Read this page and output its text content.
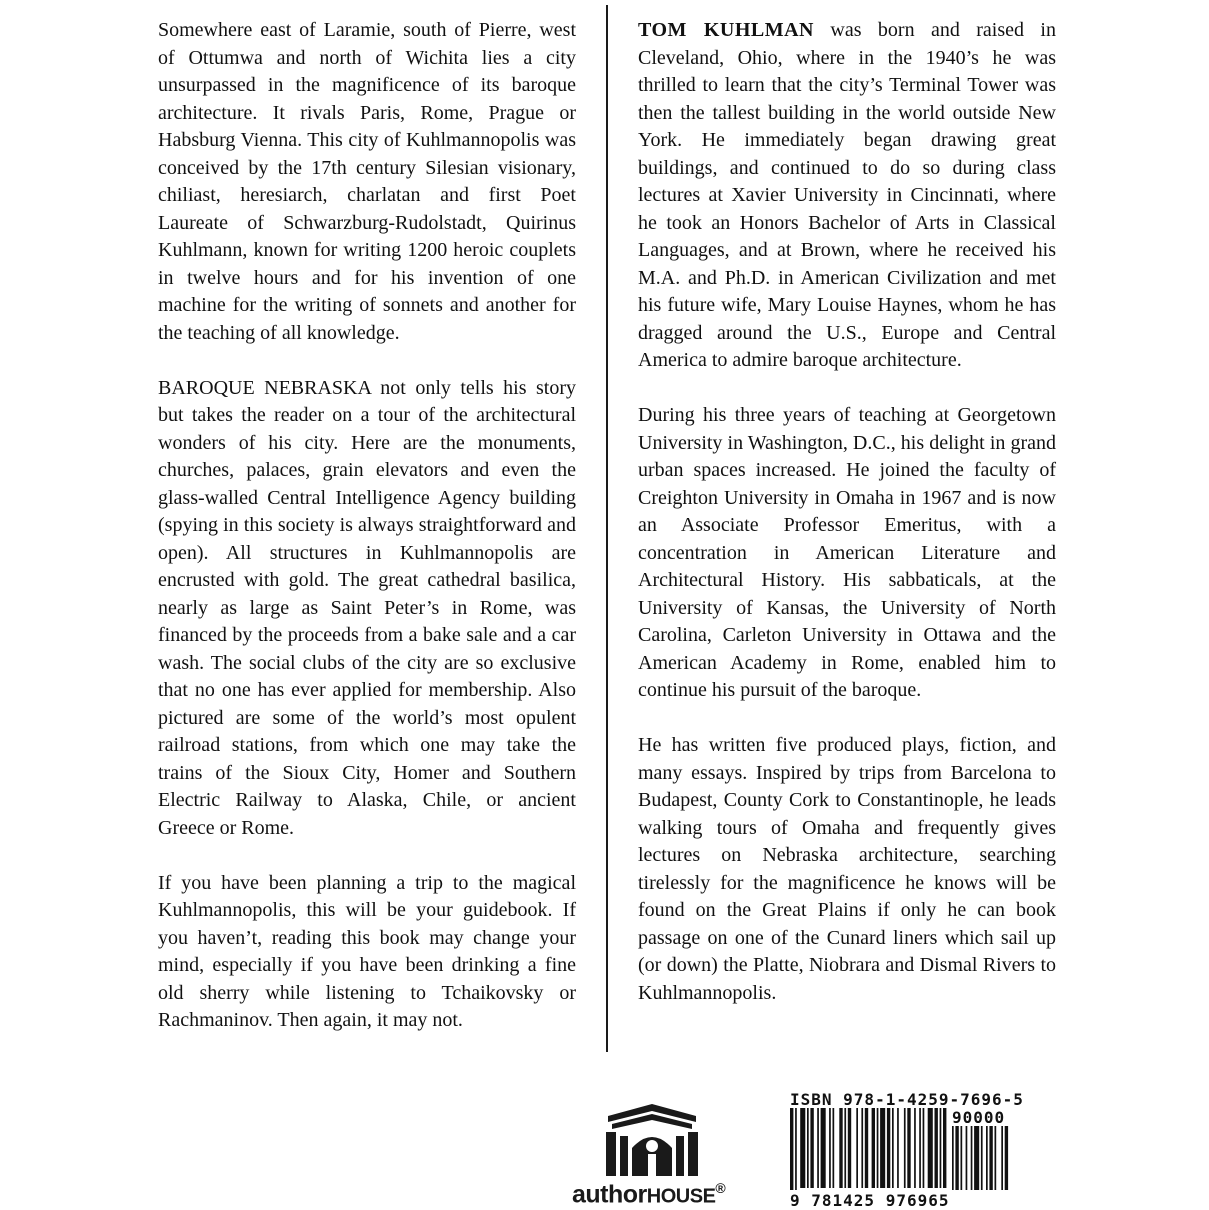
Somewhere east of Laramie, south of Pierre, west of Ottumwa and north of Wichita lies a city unsurpassed in the magnificence of its baroque architecture. It rivals Paris, Rome, Prague or Habsburg Vienna. This city of Kuhlmannopolis was conceived by the 17th century Silesian visionary, chiliast, heresiarch, charlatan and first Poet Laureate of Schwarzburg-Rudolstadt, Quirinus Kuhlmann, known for writing 1200 heroic couplets in twelve hours and for his invention of one machine for the writing of sonnets and another for the teaching of all knowledge.

BAROQUE NEBRASKA not only tells his story but takes the reader on a tour of the architectural wonders of his city. Here are the monuments, churches, palaces, grain elevators and even the glass-walled Central Intelligence Agency building (spying in this society is always straightforward and open). All structures in Kuhlmannopolis are encrusted with gold. The great cathedral basilica, nearly as large as Saint Peter’s in Rome, was financed by the proceeds from a bake sale and a car wash. The social clubs of the city are so exclusive that no one has ever applied for membership. Also pictured are some of the world’s most opulent railroad stations, from which one may take the trains of the Sioux City, Homer and Southern Electric Railway to Alaska, Chile, or ancient Greece or Rome.

If you have been planning a trip to the magical Kuhlmannopolis, this will be your guidebook. If you haven’t, reading this book may change your mind, especially if you have been drinking a fine old sherry while listening to Tchaikovsky or Rachmaninov. Then again, it may not.

TOM KUHLMAN was born and raised in Cleveland, Ohio, where in the 1940’s he was thrilled to learn that the city’s Terminal Tower was then the tallest building in the world outside New York. He immediately began drawing great buildings, and continued to do so during class lectures at Xavier University in Cincinnati, where he took an Honors Bachelor of Arts in Classical Languages, and at Brown, where he received his M.A. and Ph.D. in American Civilization and met his future wife, Mary Louise Haynes, whom he has dragged around the U.S., Europe and Central America to admire baroque architecture.

During his three years of teaching at Georgetown University in Washington, D.C., his delight in grand urban spaces increased. He joined the faculty of Creighton University in Omaha in 1967 and is now an Associate Professor Emeritus, with a concentration in American Literature and Architectural History. His sabbaticals, at the University of Kansas, the University of North Carolina, Carleton University in Ottawa and the American Academy in Rome, enabled him to continue his pursuit of the baroque.

He has written five produced plays, fiction, and many essays. Inspired by trips from Barcelona to Budapest, County Cork to Constantinople, he leads walking tours of Omaha and frequently gives lectures on Nebraska architecture, searching tirelessly for the magnificence he knows will be found on the Great Plains if only he can book passage on one of the Cunard liners which sail up (or down) the Platte, Niobrara and Dismal Rivers to Kuhlmannopolis.

authorHOUSE®
ISBN 978-1-4259-7696-5
90000
9 781425 976965
